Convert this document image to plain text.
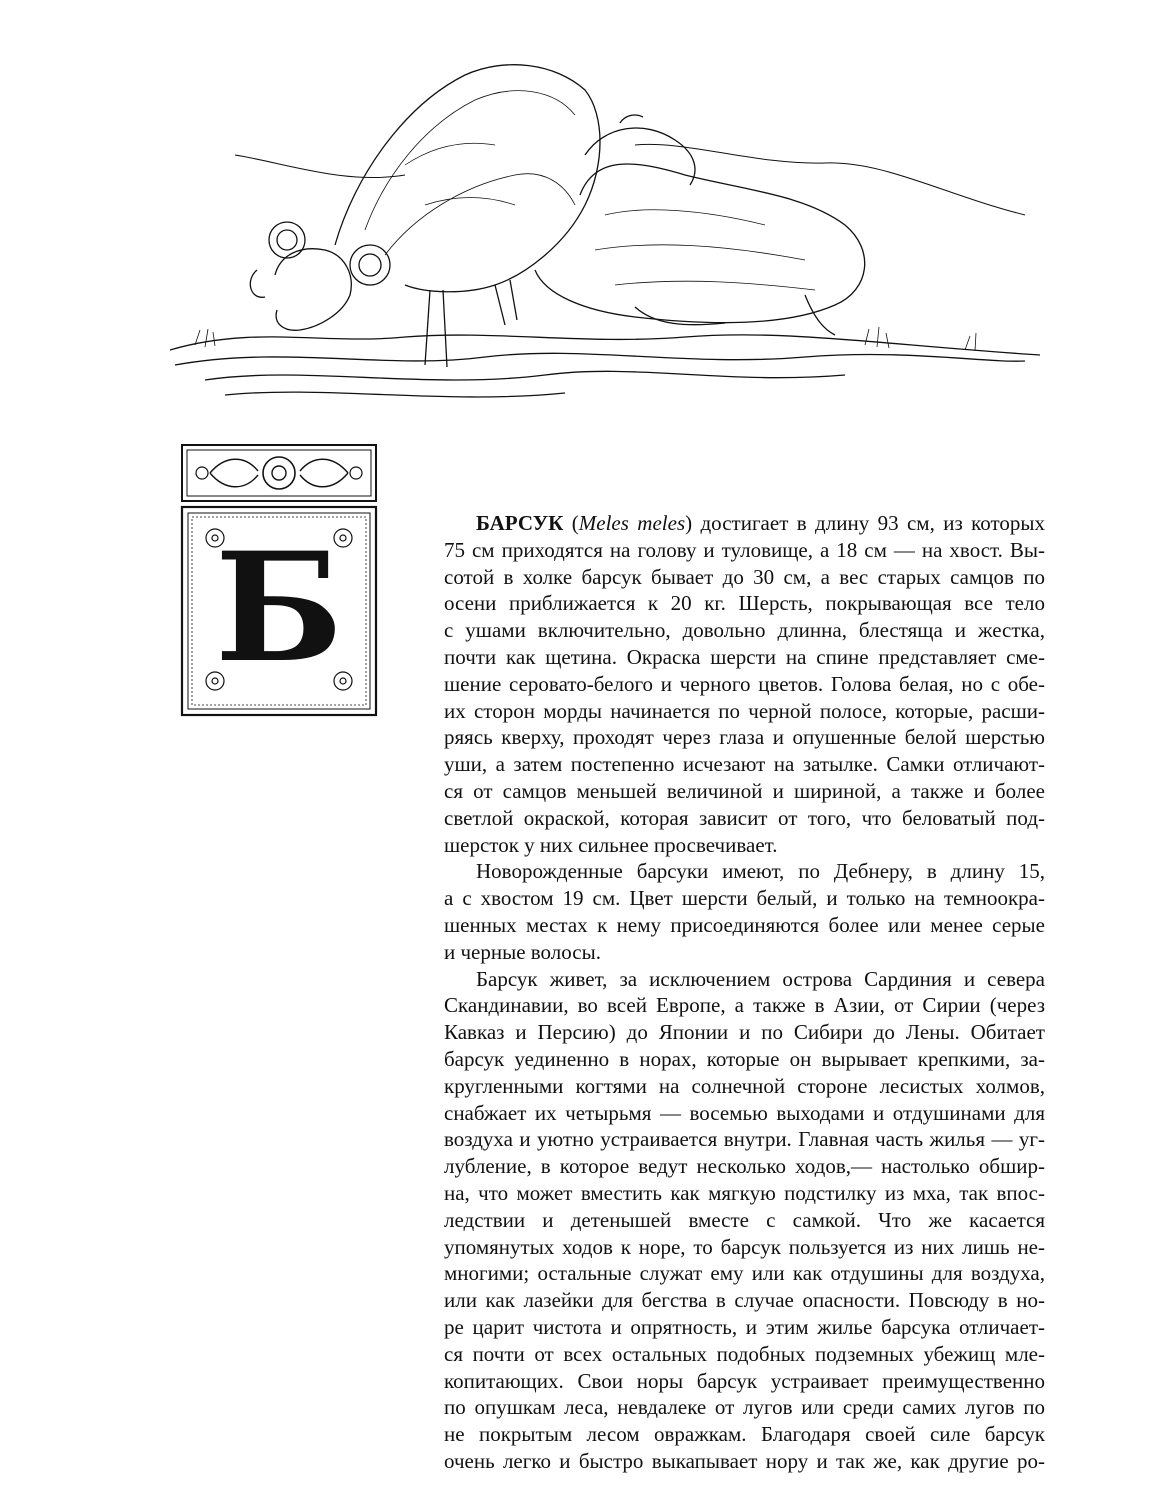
Б	БАРСУК (Meles meles) достигает в длину 93 см, из которых

75 см приходятся на голову и туловище, а 18 см — на хвост. Вы-

сотой в холке барсук бывает до 30 см, а вес старых самцов по

осени приближается к 20 кг. Шерсть, покрывающая все тело

с ушами включительно, довольно длинна, блестяща и жестка,

почти как щетина. Окраска шерсти на спине представляет сме-

шение серовато-белого и черного цветов. Голова белая, но с обе-

их сторон морды начинается по черной полосе, которые, расши-

ряясь кверху, проходят через глаза и опушенные белой шерстью

уши, а затем постепенно исчезают на затылке. Самки отличают-

ся от самцов меньшей величиной и шириной, а также и более

светлой окраской, которая зависит от того, что беловатый под-

шерсток у них сильнее просвечивает.

Новорожденные барсуки имеют, по Дебнеру, в длину 15,

а с хвостом 19 см. Цвет шерсти белый, и только на темноокра-

шенных местах к нему присоединяются более или менее серые

и черные волосы.

Барсук живет, за исключением острова Сардиния и севера

Скандинавии, во всей Европе, а также в Азии, от Сирии (через

Кавказ и Персию) до Японии и по Сибири до Лены. Обитает

барсук уединенно в норах, которые он вырывает крепкими, за-

кругленными когтями на солнечной стороне лесистых холмов,

снабжает их четырьмя — восемью выходами и отдушинами для

воздуха и уютно устраивается внутри. Главная часть жилья — уг-

лубление, в которое ведут несколько ходов,— настолько обшир-

на, что может вместить как мягкую подстилку из мха, так впос-

ледствии и детенышей вместе с самкой. Что же касается

упомянутых ходов к норе, то барсук пользуется из них лишь не-

многими; остальные служат ему или как отдушины для воздуха,

или как лазейки для бегства в случае опасности. Повсюду в но-

ре царит чистота и опрятность, и этим жилье барсука отличает-

ся почти от всех остальных подобных подземных убежищ мле-

копитающих. Свои норы барсук устраивает преимущественно

по опушкам леса, невдалеке от лугов или среди самих лугов по

не покрытым лесом овражкам. Благодаря своей силе барсук

очень легко и быстро выкапывает нору и так же, как другие ро-
